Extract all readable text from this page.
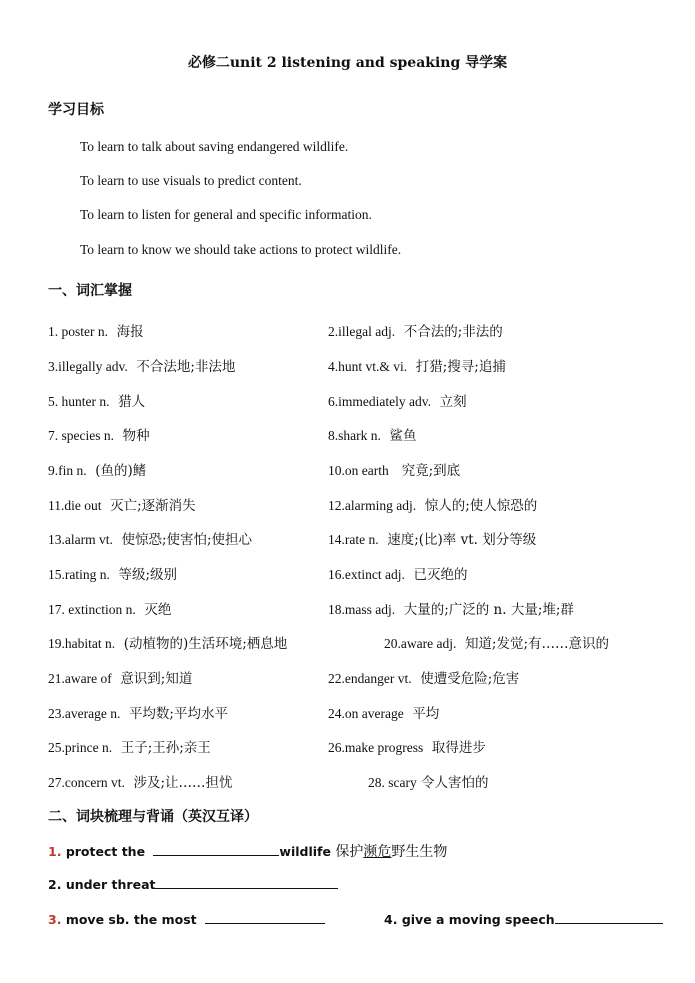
必修二unit 2 listening and speaking 导学案
学习目标
To learn to talk about saving endangered wildlife.
To learn to use visuals to predict content.
To learn to listen for general and specific information.
To learn to know we should take actions to protect wildlife.
一、词汇掌握
1. poster n. 海报	2.illegal adj. 不合法的;非法的
3.illegally adv. 不合法地;非法地	4.hunt vt.& vi. 打猎;搜寻;追捕
5. hunter n. 猎人	6.immediately adv. 立刻
7. species n. 物种	8.shark n. 鲨鱼
9.fin n. (鱼的)鳍	10.on earth 究竟;到底
11.die out 灭亡;逐渐消失	12.alarming adj. 惊人的;使人惊恐的
13.alarm vt. 使惊恐;使害怕;使担心	14.rate n. 速度;(比)率 vt. 划分等级
15.rating n. 等级;级别	16.extinct adj. 已灭绝的
17. extinction n. 灭绝	18.mass adj. 大量的;广泛的 n. 大量;堆;群
19.habitat n. (动植物的)生活环境;栖息地	20.aware adj. 知道;发觉;有……意识的
21.aware of 意识到;知道	22.endanger vt. 使遭受危险;危害
23.average n. 平均数;平均水平	24.on average 平均
25.prince n. 王子;王孙;亲王	26.make progress 取得进步
27.concern vt. 涉及;让……担忧	28. scary 令人害怕的
二、词块梳理与背诵（英汉互译）
1. protect the	wildlife 保护濒危野生生物
2. under threat
3. move sb. the most	4. give a moving speech
